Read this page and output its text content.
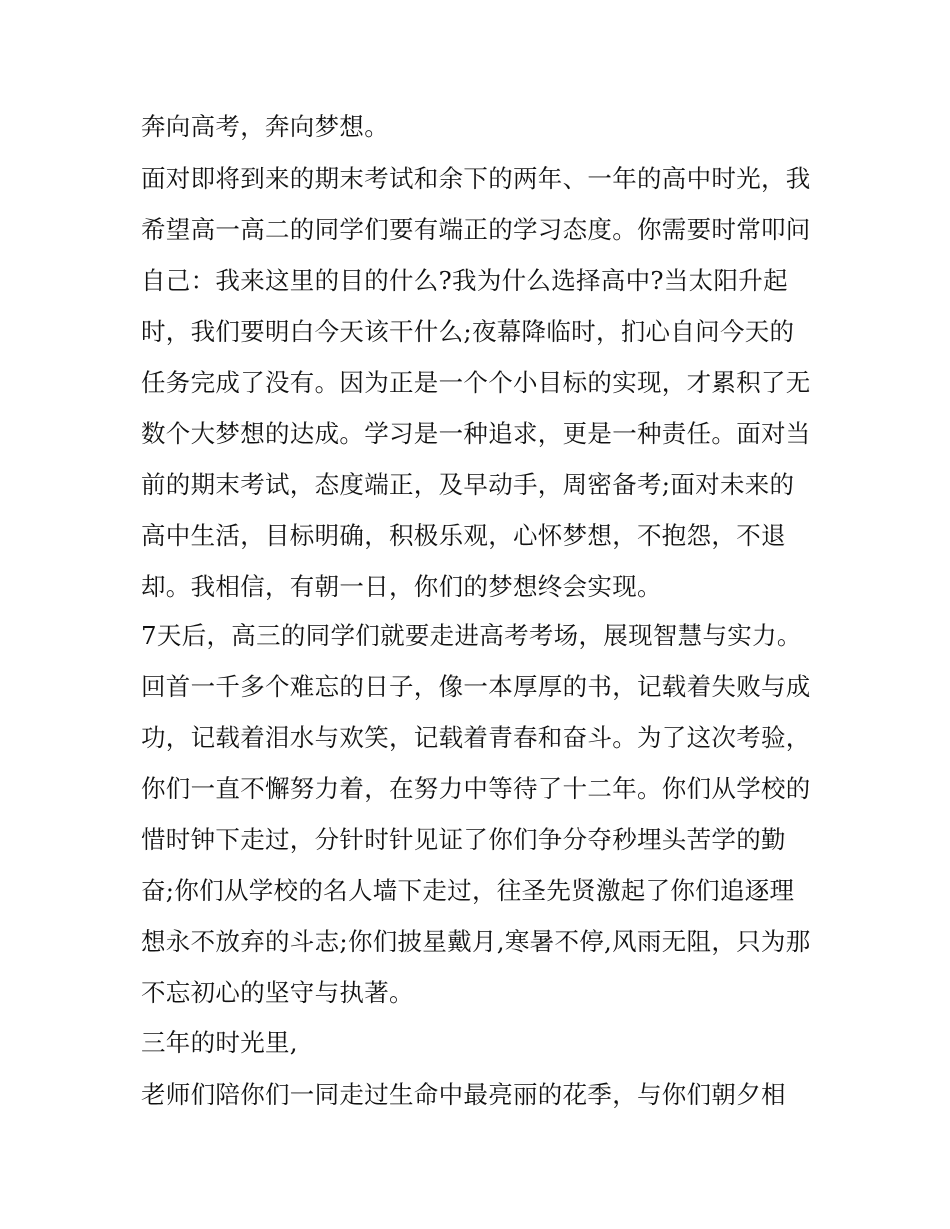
奔向高考，奔向梦想。
面对即将到来的期末考试和余下的两年、一年的高中时光，我
希望高一高二的同学们要有端正的学习态度。你需要时常叩问
自己：我来这里的目的什么?我为什么选择高中?当太阳升起
时，我们要明白今天该干什么;夜幕降临时，扪心自问今天的
任务完成了没有。因为正是一个个小目标的实现，才累积了无
数个大梦想的达成。学习是一种追求，更是一种责任。面对当
前的期末考试，态度端正，及早动手，周密备考;面对未来的
高中生活，目标明确，积极乐观，心怀梦想，不抱怨，不退
却。我相信，有朝一日，你们的梦想终会实现。
7天后，高三的同学们就要走进高考考场，展现智慧与实力。
回首一千多个难忘的日子，像一本厚厚的书，记载着失败与成
功，记载着泪水与欢笑，记载着青春和奋斗。为了这次考验，
你们一直不懈努力着，在努力中等待了十二年。你们从学校的
惜时钟下走过，分针时针见证了你们争分夺秒埋头苦学的勤
奋;你们从学校的名人墙下走过，往圣先贤激起了你们追逐理
想永不放弃的斗志;你们披星戴月,寒暑不停,风雨无阻，只为那
不忘初心的坚守与执著。
三年的时光里,
老师们陪你们一同走过生命中最亮丽的花季，与你们朝夕相
